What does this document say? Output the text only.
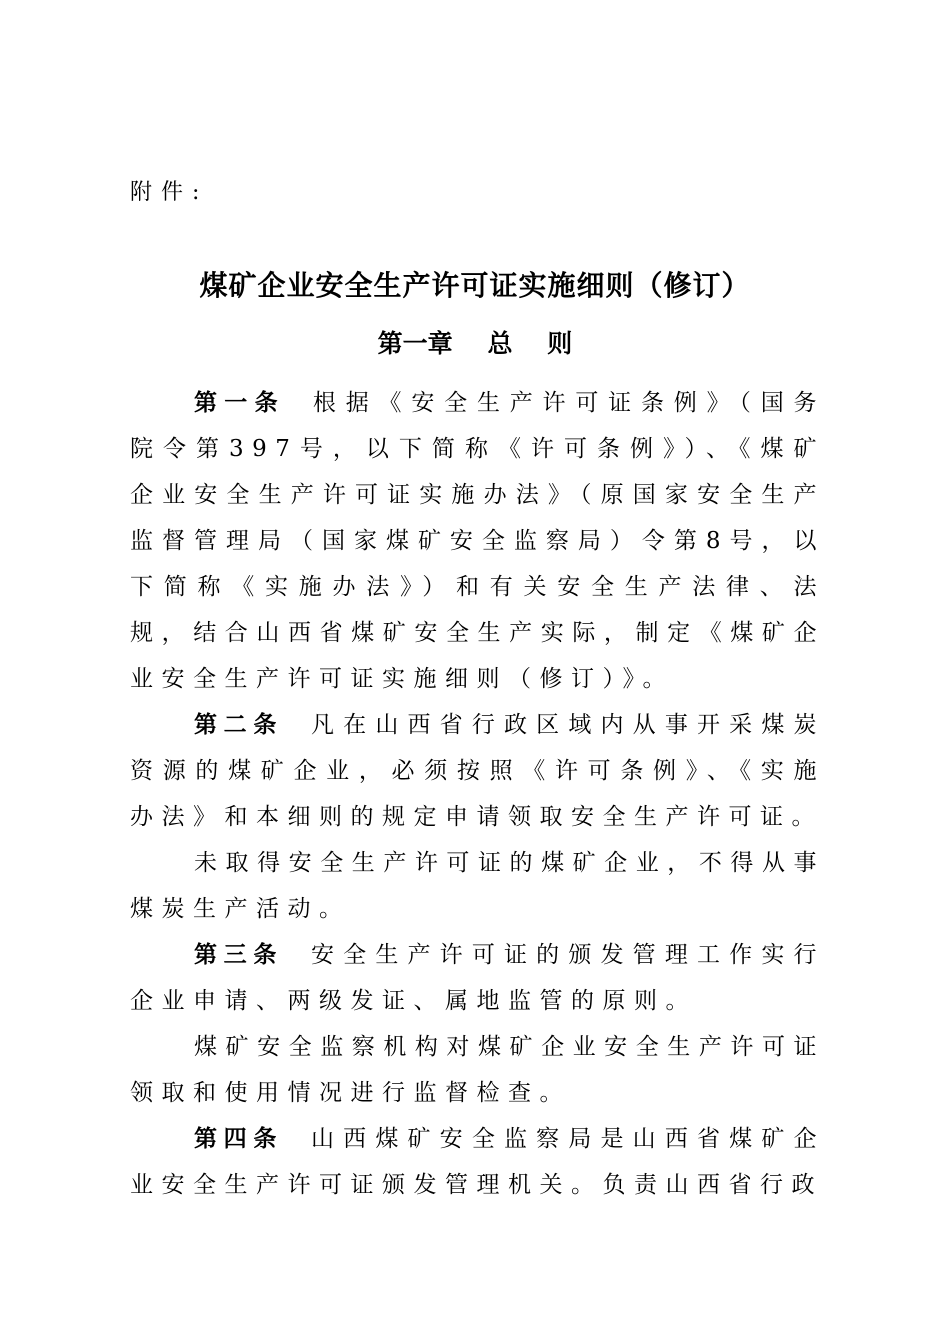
附件:
煤矿企业安全生产许可证实施细则（修订）
第一章    总    则

第一条 根据《安全生产许可证条例》（国务院令第397号，以下简称《许可条例》）、《煤矿企业安全生产许可证实施办法》（原国家安全生产监督管理局（国家煤矿安全监察局）令第8号，以下简称《实施办法》）和有关安全生产法律、法规，结合山西省煤矿安全生产实际，制定《煤矿企业安全生产许可证实施细则（修订）》。

第二条 凡在山西省行政区域内从事开采煤炭资源的煤矿企业，必须按照《许可条例》、《实施办法》和本细则的规定申请领取安全生产许可证。

未取得安全生产许可证的煤矿企业，不得从事煤炭生产活动。

第三条 安全生产许可证的颁发管理工作实行企业申请、两级发证、属地监管的原则。

煤矿安全监察机构对煤矿企业安全生产许可证领取和使用情况进行监督检查。

第四条 山西煤矿安全监察局是山西省煤矿企业安全生产许可证颁发管理机关。负责山西省行政
